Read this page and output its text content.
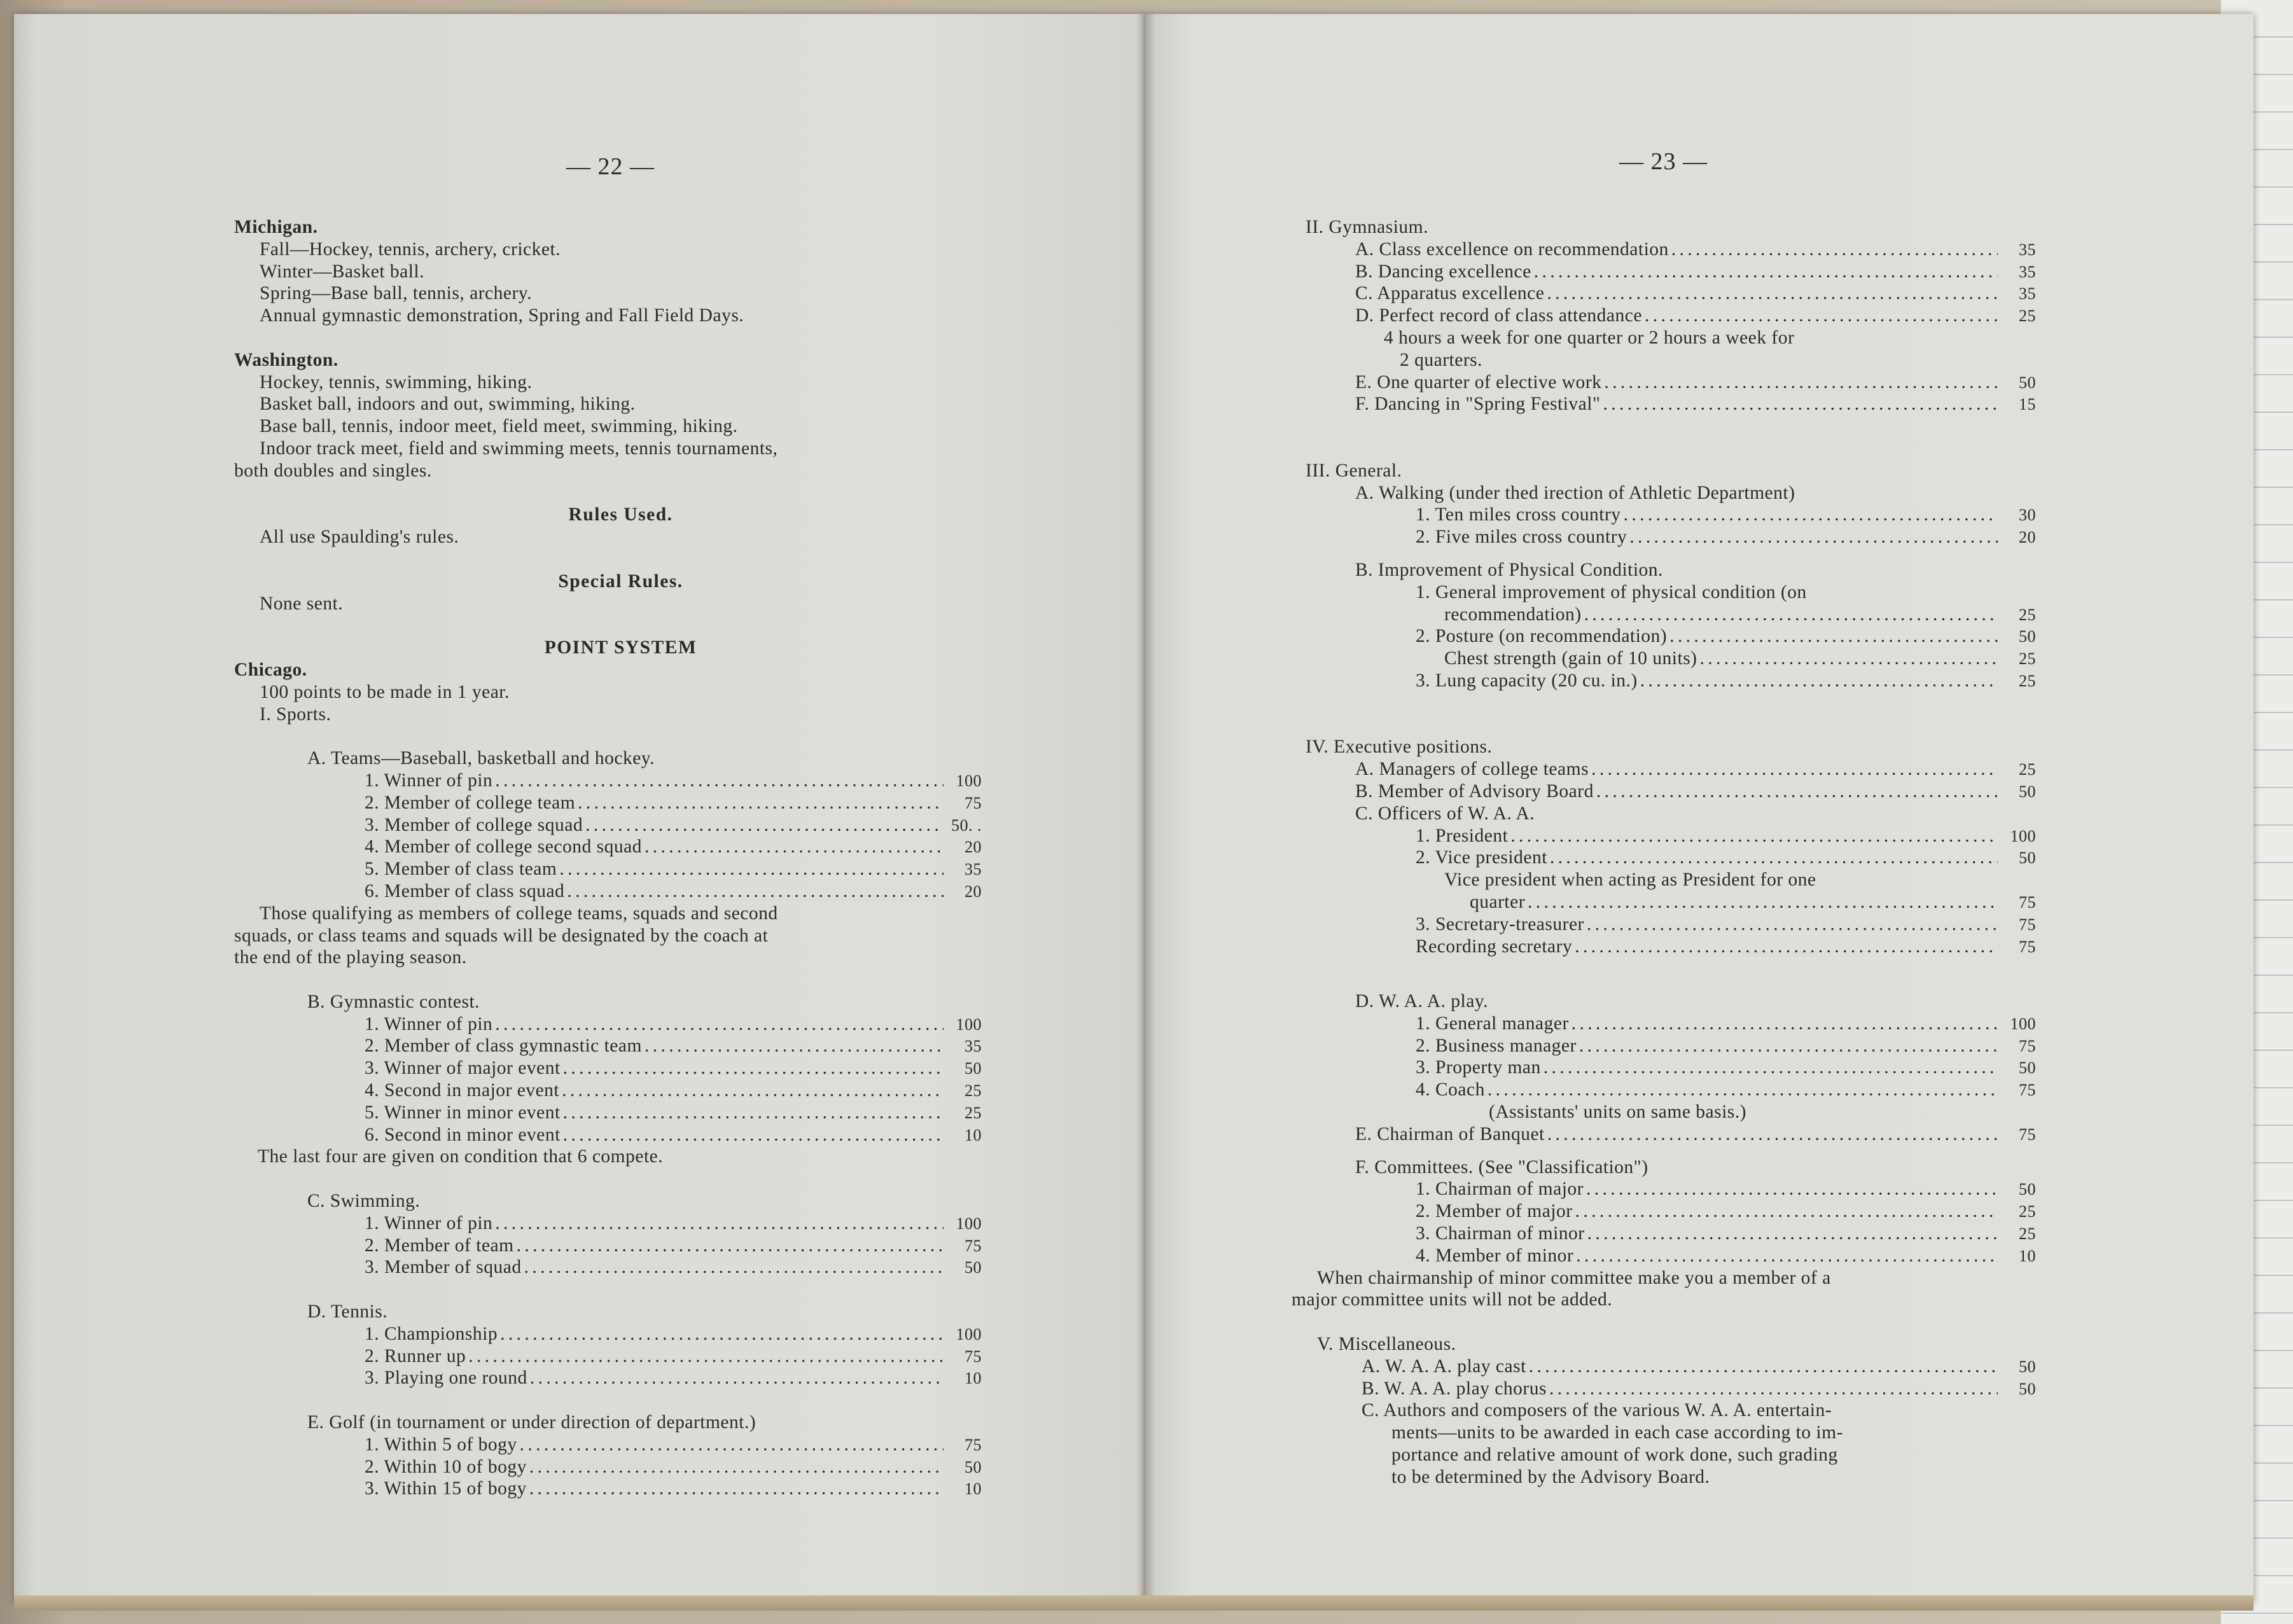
— 22 —	— 23 —
Michigan.
Fall—Hockey, tennis, archery, cricket.
Winter—Basket ball.
Spring—Base ball, tennis, archery.
Annual gymnastic demonstration, Spring and Fall Field Days.
Washington.
Hockey, tennis, swimming, hiking.
Basket ball, indoors and out, swimming, hiking.
Base ball, tennis, indoor meet, field meet, swimming, hiking.
Indoor track meet, field and swimming meets, tennis tournaments,
both doubles and singles.
Rules Used.
All use Spaulding's rules.
Special Rules.
None sent.
POINT SYSTEM
Chicago.
100 points to be made in 1 year.
I. Sports.
A. Teams—Baseball, basketball and hockey.
1. Winner of pin . . .	100
2. Member of college team . . .	75
3. Member of college squad . . .	50. .
4. Member of college second squad . . .	20
5. Member of class team . . .	35
6. Member of class squad . . .	20
Those qualifying as members of college teams, squads and second
squads, or class teams and squads will be designated by the coach at
the end of the playing season.
B. Gymnastic contest.
1. Winner of pin . . .	100
2. Member of class gymnastic team . . .	35
3. Winner of major event . . .	50
4. Second in major event . . .	25
5. Winner in minor event . . .	25
6. Second in minor event . . .	10
The last four are given on condition that 6 compete.
C. Swimming.
1. Winner of pin . . .	100
2. Member of team . . .	75
3. Member of squad . . .	50
D. Tennis.
1. Championship . . .	100
2. Runner up . . .	75
3. Playing one round . . .	10
E. Golf (in tournament or under direction of department.)
1. Within 5 of bogy . . .	75
2. Within 10 of bogy . . .	50
3. Within 15 of bogy . . .	10
II. Gymnasium.
A. Class excellence on recommendation . . .	35
B. Dancing excellence . . .	35
C. Apparatus excellence . . .	35
D. Perfect record of class attendance . . .	25
4 hours a week for one quarter or 2 hours a week for
2 quarters.
E. One quarter of elective work . . .	50
F. Dancing in "Spring Festival" . . .	15
III. General.
A. Walking (under thed irection of Athletic Department)
1. Ten miles cross country . . .	30
2. Five miles cross country . . .	20
B. Improvement of Physical Condition.
1. General improvement of physical condition (on
recommendation) . . .	25
2. Posture (on recommendation) . . .	50
Chest strength (gain of 10 units) . . .	25
3. Lung capacity (20 cu. in.) . . .	25
IV. Executive positions.
A. Managers of college teams . . .	25
B. Member of Advisory Board . . .	50
C. Officers of W. A. A.
1. President . . .	100
2. Vice president . . .	50
Vice president when acting as President for one
quarter . . .	75
3. Secretary-treasurer . . .	75
Recording secretary . . .	75
D. W. A. A. play.
1. General manager . . .	100
2. Business manager . . .	75
3. Property man . . .	50
4. Coach . . .	75
(Assistants' units on same basis.)
E. Chairman of Banquet . . .	75
F. Committees. (See "Classification")
1. Chairman of major . . .	50
2. Member of major . . .	25
3. Chairman of minor . . .	25
4. Member of minor . . .	10
When chairmanship of minor committee make you a member of a
major committee units will not be added.
V. Miscellaneous.
A. W. A. A. play cast . . .	50
B. W. A. A. play chorus . . .	50
C. Authors and composers of the various W. A. A. entertain-
ments—units to be awarded in each case according to im-
portance and relative amount of work done, such grading
to be determined by the Advisory Board.
